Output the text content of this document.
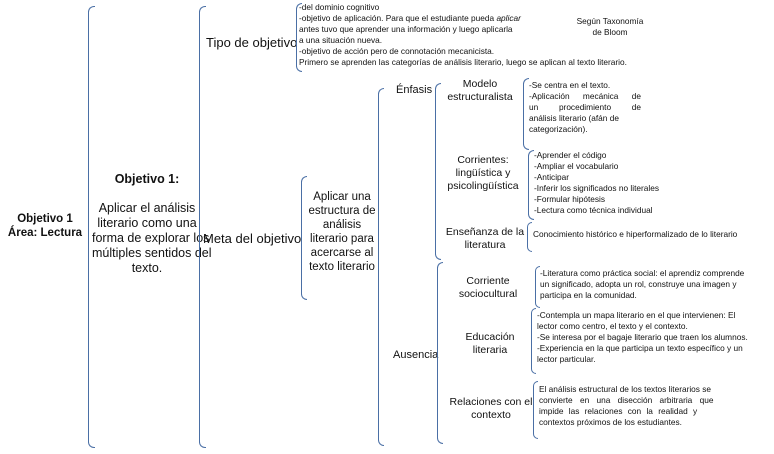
Objetivo 1
Área: Lectura
Objetivo 1:
Aplicar el análisis
literario como una
forma de explorar los
múltiples sentidos del
texto.
Tipo de objetivo
-del dominio cognitivo
-objetivo de aplicación. Para que el estudiante pueda aplicar
antes tuvo que aprender una información y luego aplicarla
a una situación nueva.
-objetivo de acción pero de connotación mecanicista.
Primero se aprenden las categorías de análisis literario, luego se aplican al texto literario.
Según Taxonomía
de Bloom
Meta del objetivo
Aplicar una
estructura de
análisis
literario para
acercarse al
texto literario
Énfasis	Modelo
estructuralista
-Se centra en el texto.
-Aplicación mecánica de
un procedimiento de
análisis literario (afán de
categorización).
Corrientes:
lingüística y
psicolingüística
-Aprender el código
-Ampliar el vocabulario
-Anticipar
-Inferir los significados no literales
-Formular hipótesis
-Lectura como técnica individual
Enseñanza de la
literatura
Conocimiento histórico e hiperformalizado de lo literario
Ausencia
Corriente
sociocultural
-Literatura como práctica social: el aprendiz comprende
un significado, adopta un rol, construye una imagen y
participa en la comunidad.
Educación
literaria
-Contempla un mapa literario en el que intervienen: El
lector como centro, el texto y el contexto.
-Se interesa por el bagaje literario que traen los alumnos.
-Experiencia en la que participa un texto específico y un
lector particular.
Relaciones con el
contexto
El análisis estructural de los textos literarios se
convierte en una disección arbitraria que
impide las relaciones con la realidad y
contextos próximos de los estudiantes.
